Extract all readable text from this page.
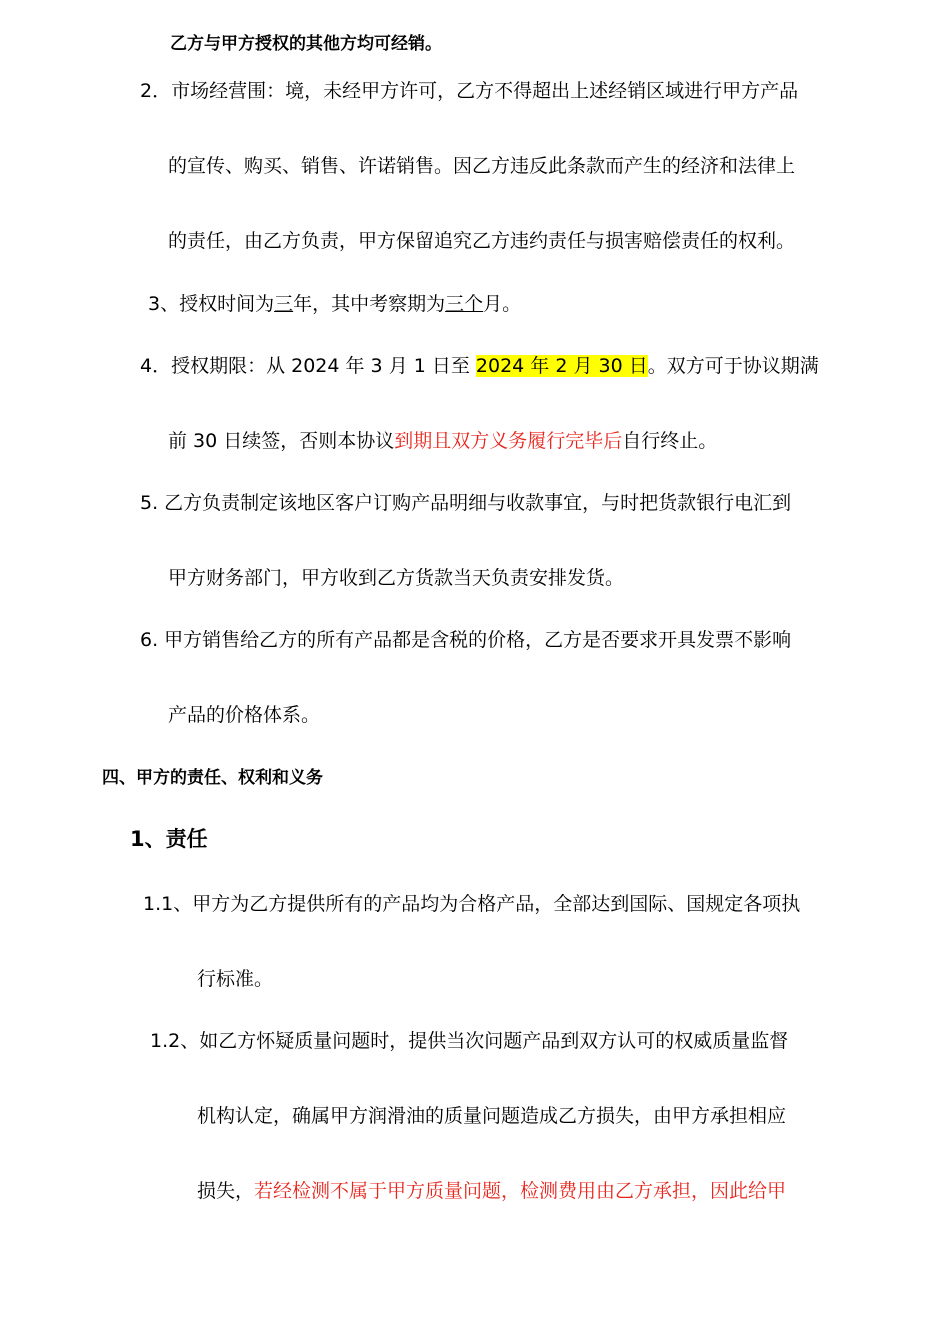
乙方与甲方授权的其他方均可经销。
2．市场经营围：境，未经甲方许可，乙方不得超出上述经销区域进行甲方产品
的宣传、购买、销售、许诺销售。因乙方违反此条款而产生的经济和法律上
的责任，由乙方负责，甲方保留追究乙方违约责任与损害赔偿责任的权利。
3、授权时间为三年，其中考察期为三个月。
4．授权期限：从 2024 年 3 月 1 日至 2024 年 2 月 30 日。双方可于协议期满
前 30 日续签，否则本协议到期且双方义务履行完毕后自行终止。
5. 乙方负责制定该地区客户订购产品明细与收款事宜，与时把货款银行电汇到
甲方财务部门，甲方收到乙方货款当天负责安排发货。
6. 甲方销售给乙方的所有产品都是含税的价格，乙方是否要求开具发票不影响
产品的价格体系。
四、甲方的责任、权利和义务
1、责任
1.1、甲方为乙方提供所有的产品均为合格产品，全部达到国际、国规定各项执
行标准。
1.2、如乙方怀疑质量问题时，提供当次问题产品到双方认可的权威质量监督
机构认定，确属甲方润滑油的质量问题造成乙方损失，由甲方承担相应
损失，若经检测不属于甲方质量问题，检测费用由乙方承担，因此给甲
